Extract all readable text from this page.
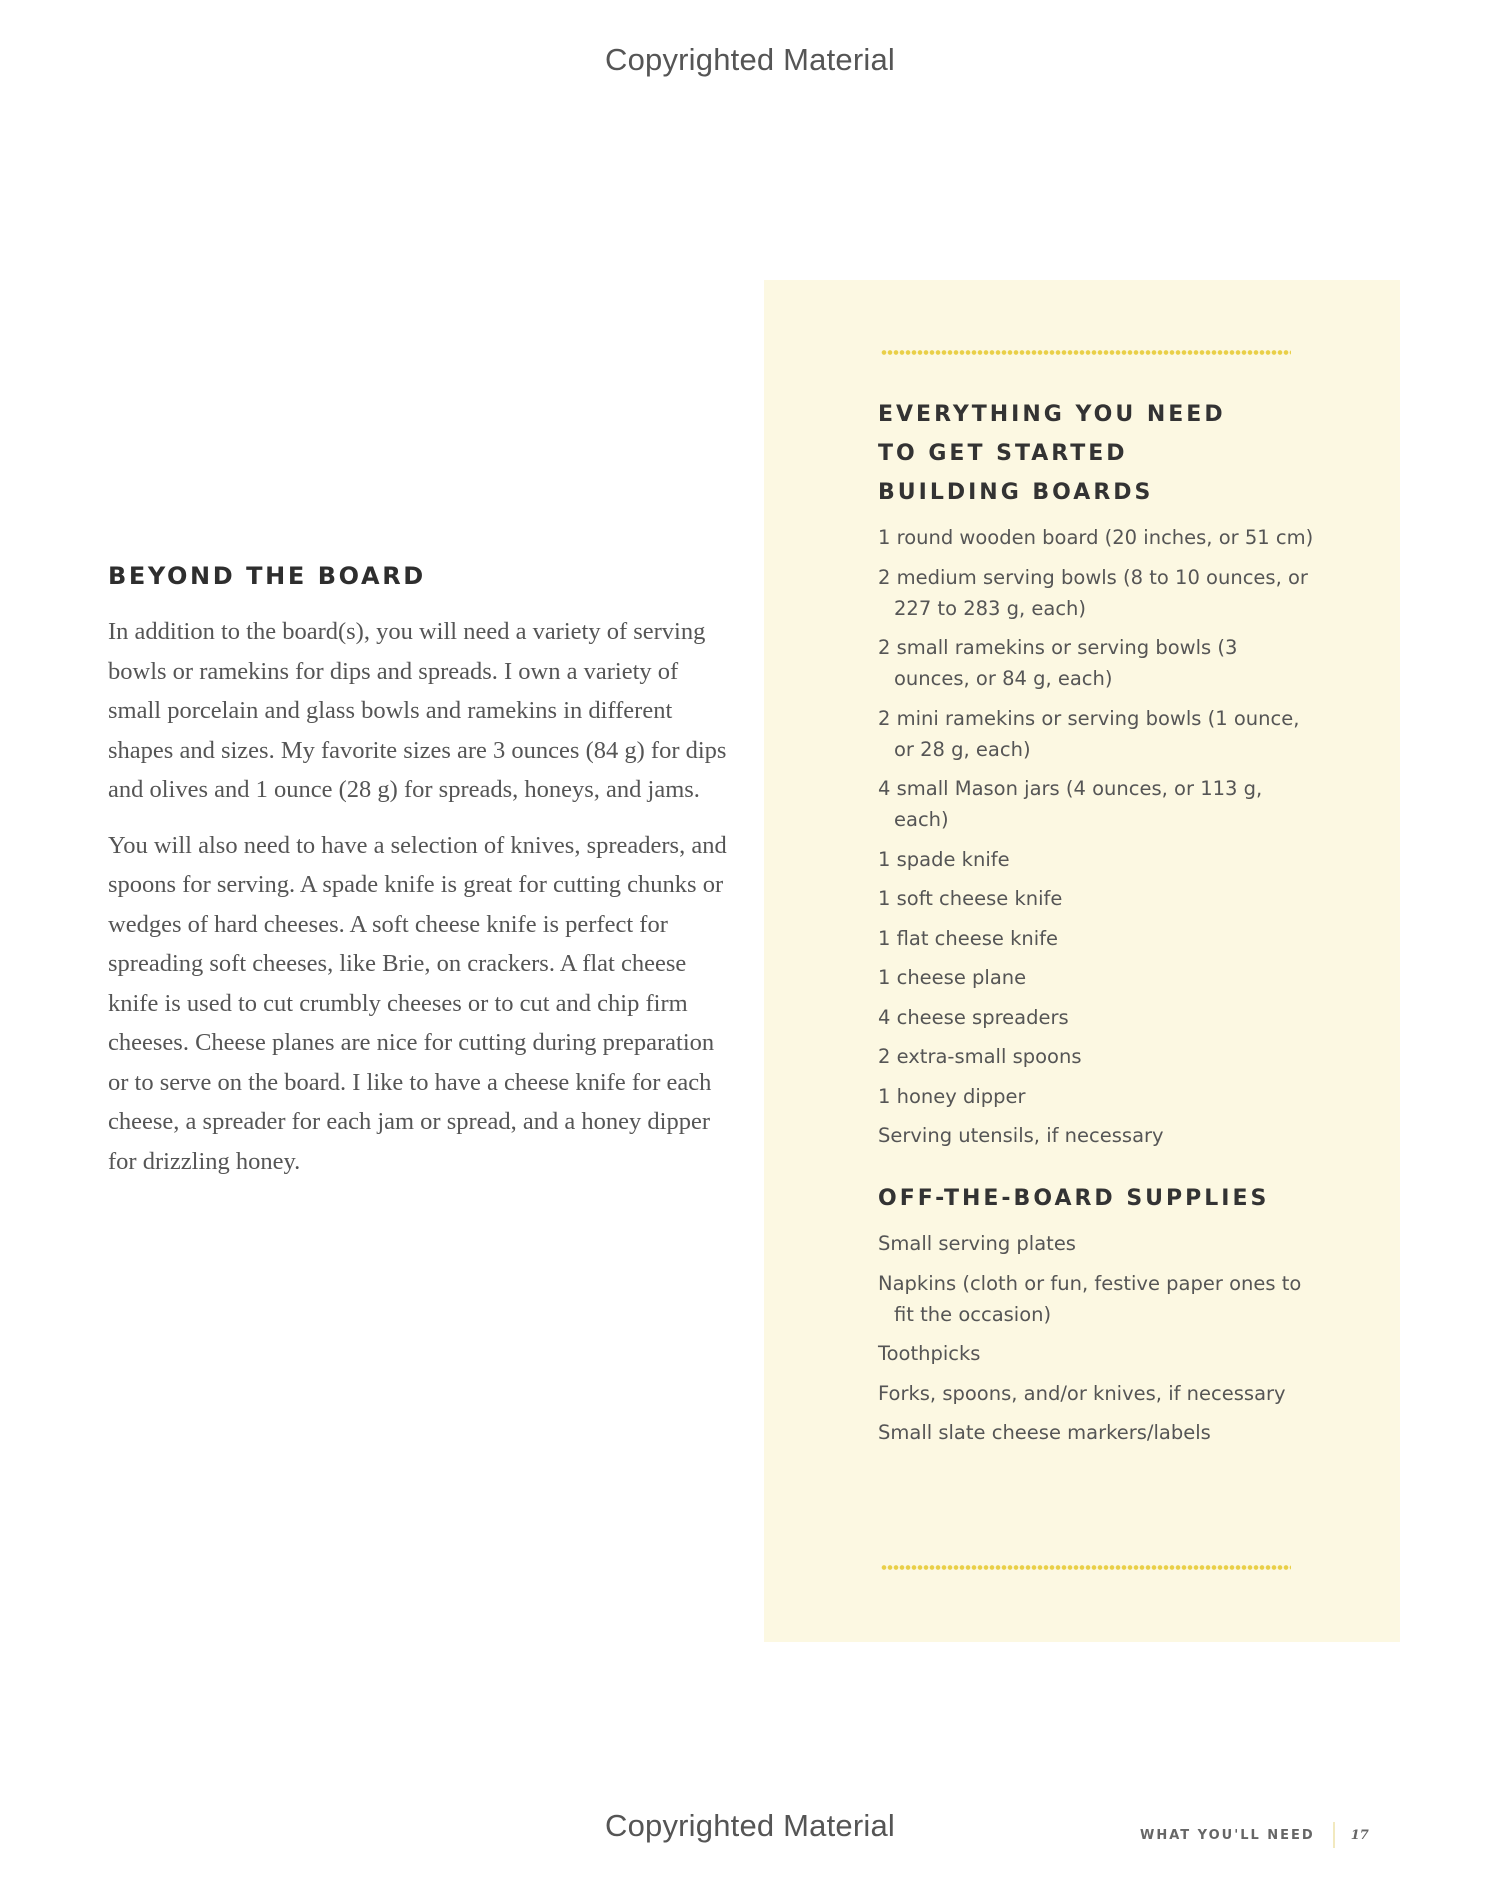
Copyrighted Material
BEYOND THE BOARD

In addition to the board(s), you will need a variety of serving bowls or ramekins for dips and spreads. I own a variety of small porcelain and glass bowls and ramekins in different shapes and sizes. My favorite sizes are 3 ounces (84 g) for dips and olives and 1 ounce (28 g) for spreads, honeys, and jams.

You will also need to have a selection of knives, spreaders, and spoons for serving. A spade knife is great for cutting chunks or wedges of hard cheeses. A soft cheese knife is perfect for spreading soft cheeses, like Brie, on crackers. A flat cheese knife is used to cut crumbly cheeses or to cut and chip firm cheeses. Cheese planes are nice for cutting during preparation or to serve on the board. I like to have a cheese knife for each cheese, a spreader for each jam or spread, and a honey dipper for drizzling honey.

EVERYTHING YOU NEED
TO GET STARTED
BUILDING BOARDS
1 round wooden board (20 inches, or 51 cm)
2 medium serving bowls (8 to 10 ounces, or 227 to 283 g, each)
2 small ramekins or serving bowls (3 ounces, or 84 g, each)
2 mini ramekins or serving bowls (1 ounce, or 28 g, each)
4 small Mason jars (4 ounces, or 113 g, each)
1 spade knife
1 soft cheese knife
1 flat cheese knife
1 cheese plane
4 cheese spreaders
2 extra-small spoons
1 honey dipper
Serving utensils, if necessary
OFF-THE-BOARD SUPPLIES
Small serving plates
Napkins (cloth or fun, festive paper ones to fit the occasion)
Toothpicks
Forks, spoons, and/or knives, if necessary
Small slate cheese markers/labels
Copyrighted Material	WHAT YOU'LL NEED	17
